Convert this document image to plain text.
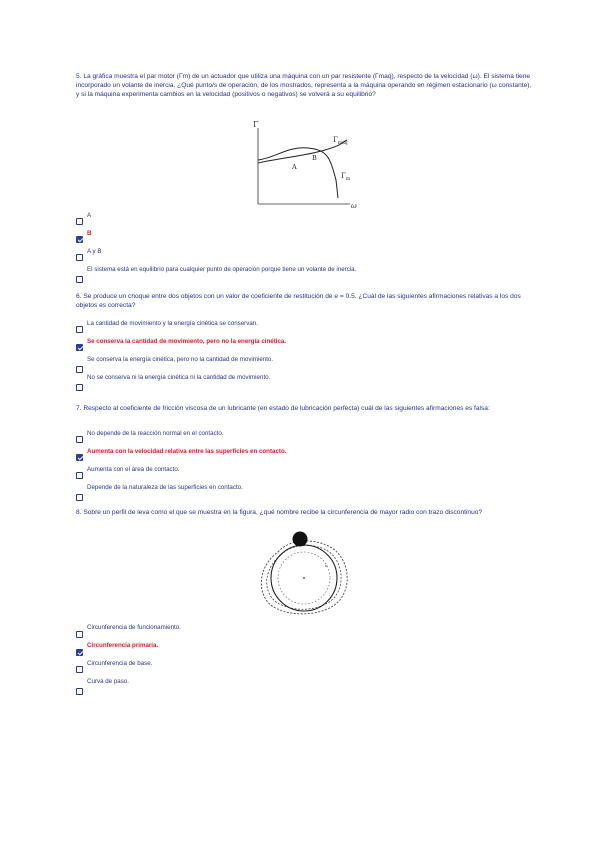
5. La gráfica muestra el par motor (Γm) de un actuador que utiliza una máquina con un par resistente (Γmaq), respecto de la velocidad (ω). El sistema tiene incorporado un volante de inercia. ¿Qué punto/s de operación, de los mostrados, representa a la máquina operando en régimen estacionario (ω constante), y si la máquina experimenta cambios en la velocidad (positivos o negativos) se volverá a su equilibrio?
Γ
ω
$\Gamma_{maq}$
$\Gamma_m$
A
B
A
B
A y B
El sistema está en equilibrio para cualquier punto de operación porque tiene un volante de inercia.
6. Se produce un choque entre dos objetos con un valor de coeficiente de restitución de e = 0.5. ¿Cuál de las siguientes afirmaciones relativas a los dos objetos es correcta?
La cantidad de movimiento y la energía cinética se conservan.
Se conserva la cantidad de movimiento, pero no la energía cinética.
Se conserva la energía cinética, pero no la cantidad de movimiento.
No se conserva ni la energía cinética ni la cantidad de movimiento.
7. Respecto al coeficiente de fricción viscosa de un lubricante (en estado de lubricación perfecta) cuál de las siguientes afirmaciones es falsa:
No depende de la reacción normal en el contacto.
Aumenta con la velocidad relativa entre las superficies en contacto.
Aumenta con el área de contacto.
Depende de la naturaleza de las superficies en contacto.
8. Sobre un perfil de leva como el que se muestra en la figura, ¿qué nombre recibe la circunferencia de mayor radio con trazo discontinuo?
Circunferencia de funcionamiento.
Circunferencia primaria.
Circunferencia de base.
Curva de paso.
